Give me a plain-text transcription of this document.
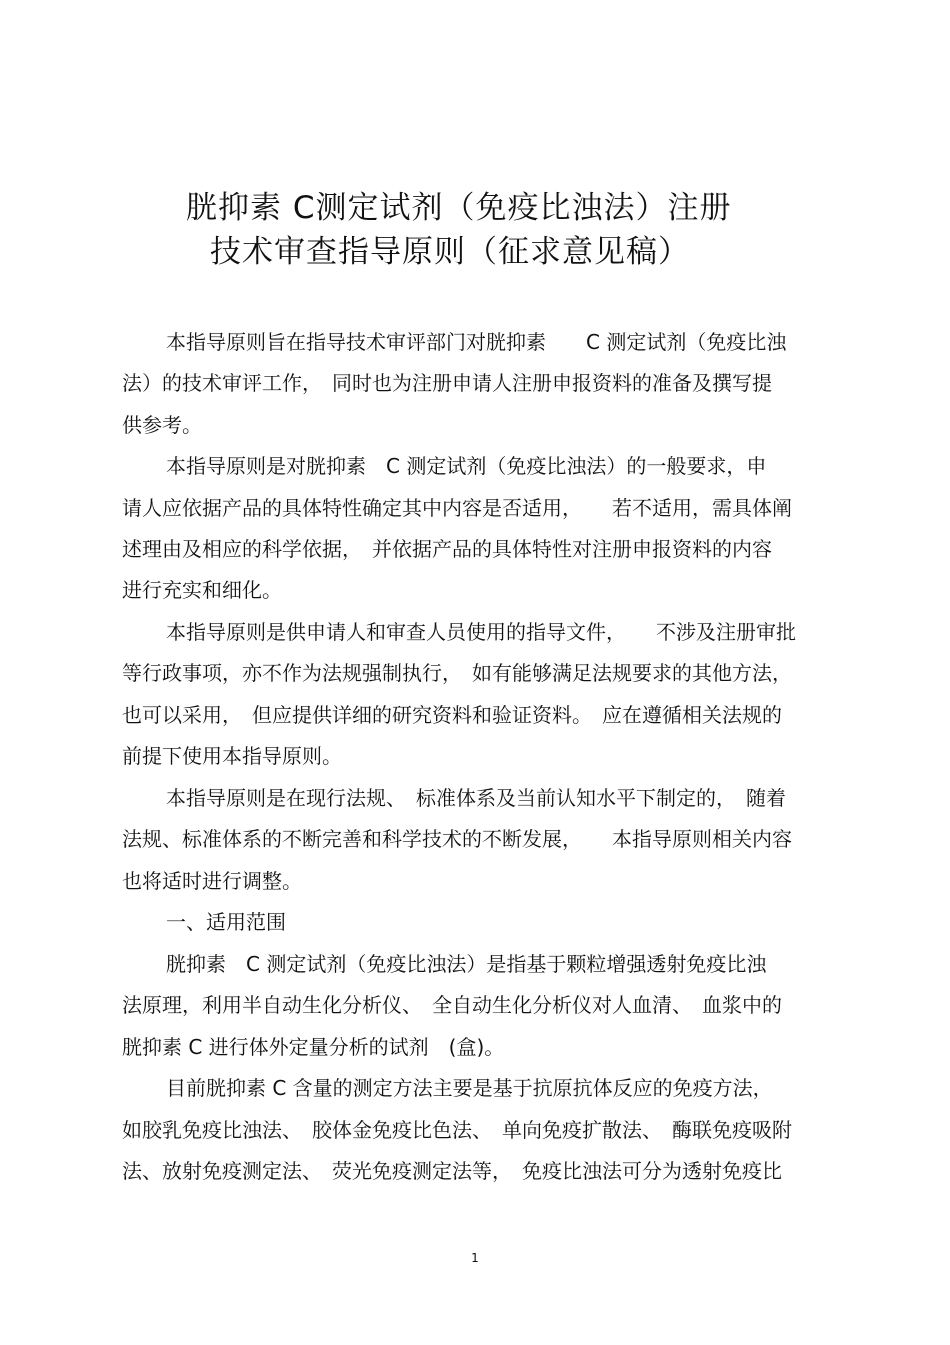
胱抑素 C测定试剂（免疫比浊法）注册
技术审查指导原则（征求意见稿）
本指导原则旨在指导技术审评部门对胱抑素　　C 测定试剂（免疫比浊
法）的技术审评工作，　同时也为注册申请人注册申报资料的准备及撰写提
供参考。
本指导原则是对胱抑素　C 测定试剂（免疫比浊法）的一般要求，申
请人应依据产品的具体特性确定其中内容是否适用，　　若不适用，需具体阐
述理由及相应的科学依据，　并依据产品的具体特性对注册申报资料的内容
进行充实和细化。
本指导原则是供申请人和审查人员使用的指导文件，　　不涉及注册审批
等行政事项，亦不作为法规强制执行，　如有能够满足法规要求的其他方法，
也可以采用，　但应提供详细的研究资料和验证资料。　应在遵循相关法规的
前提下使用本指导原则。
本指导原则是在现行法规、　标准体系及当前认知水平下制定的，　随着
法规、标准体系的不断完善和科学技术的不断发展，　　本指导原则相关内容
也将适时进行调整。
一、适用范围
胱抑素　C 测定试剂（免疫比浊法）是指基于颗粒增强透射免疫比浊
法原理，利用半自动生化分析仪、　全自动生化分析仪对人血清、　血浆中的
胱抑素 C 进行体外定量分析的试剂　(盒)。
目前胱抑素 C 含量的测定方法主要是基于抗原抗体反应的免疫方法，
如胶乳免疫比浊法、　胶体金免疫比色法、　单向免疫扩散法、　酶联免疫吸附
法、放射免疫测定法、　荧光免疫测定法等，　免疫比浊法可分为透射免疫比
1
